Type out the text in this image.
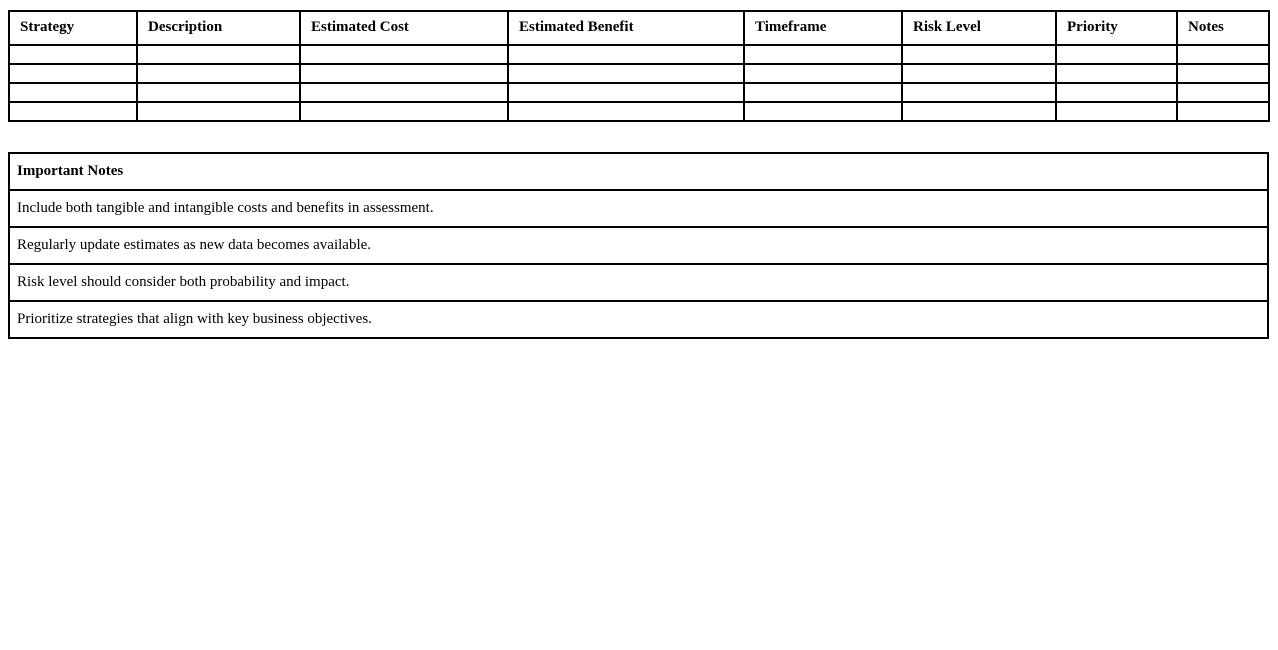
Strategy	Description	Estimated Cost	Estimated Benefit	Timeframe	Risk Level	Priority	Notes

Important Notes
Include both tangible and intangible costs and benefits in assessment.
Regularly update estimates as new data becomes available.
Risk level should consider both probability and impact.
Prioritize strategies that align with key business objectives.
